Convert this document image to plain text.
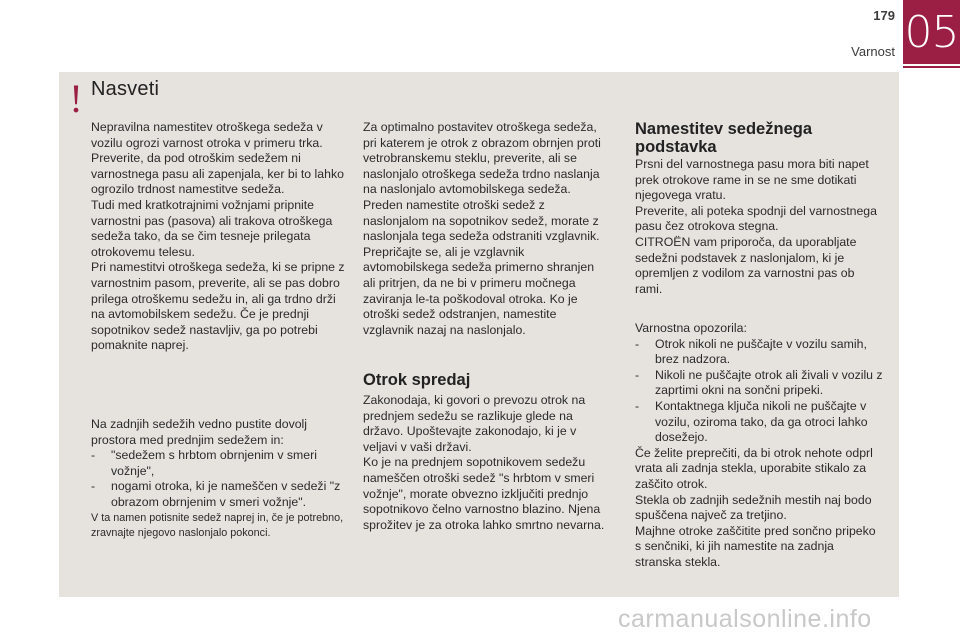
179
Varnost 05
! Nasveti

Nepravilna namestitev otroškega sedeža v vozilu ogrozi varnost otroka v primeru trka.

Preverite, da pod otroškim sedežem ni varnostnega pasu ali zapenjala, ker bi to lahko ogrozilo trdnost namestitve sedeža.

Tudi med kratkotrajnimi vožnjami pripnite varnostni pas (pasova) ali trakova otroškega sedeža tako, da se čim tesneje prilegata otrokovemu telesu.

Pri namestitvi otroškega sedeža, ki se pripne z varnostnim pasom, preverite, ali se pas dobro prilega otroškemu sedežu in, ali ga trdno drži na avtomobilskem sedežu. Če je prednji sopotnikov sedež nastavljiv, ga po potrebi pomaknite naprej.

Na zadnjih sedežih vedno pustite dovolj prostora med prednjim sedežem in:

- "sedežem s hrbtom obrnjenim v smeri vožnje",
- nogami otroka, ki je nameščen v sedeži "z obrazom obrnjenim v smeri vožnje".

V ta namen potisnite sedež naprej in, če je potrebno, zravnajte njegovo naslonjalo pokonci.

Za optimalno postavitev otroškega sedeža, pri katerem je otrok z obrazom obrnjen proti vetrobranskemu steklu, preverite, ali se naslonjalo otroškega sedeža trdno naslanja na naslonjalo avtomobilskega sedeža.

Preden namestite otroški sedež z naslonjalom na sopotnikov sedež, morate z naslonjala tega sedeža odstraniti vzglavnik. Prepričajte se, ali je vzglavnik avtomobilskega sedeža primerno shranjen ali pritrjen, da ne bi v primeru močnega zaviranja le-ta poškodoval otroka. Ko je otroški sedež odstranjen, namestite vzglavnik nazaj na naslonjalo.

Otrok spredaj

Zakonodaja, ki govori o prevozu otrok na prednjem sedežu se razlikuje glede na državo. Upoštevajte zakonodajo, ki je v veljavi v vaši državi.

Ko je na prednjem sopotnikovem sedežu nameščen otroški sedež "s hrbtom v smeri vožnje", morate obvezno izključiti prednjo sopotnikovo čelno varnostno blazino. Njena sprožitev je za otroka lahko smrtno nevarna.

Namestitev sedežnega podstavka

Prsni del varnostnega pasu mora biti napet prek otrokove rame in se ne sme dotikati njegovega vratu.

Preverite, ali poteka spodnji del varnostnega pasu čez otrokova stegna.

CITROËN vam priporoča, da uporabljate sedežni podstavek z naslonjalom, ki je opremljen z vodilom za varnostni pas ob rami.

Varnostna opozorila:

- Otrok nikoli ne puščajte v vozilu samih, brez nadzora.
- Nikoli ne puščajte otrok ali živali v vozilu z zaprtimi okni na sončni pripeki.
- Kontaktnega ključa nikoli ne puščajte v vozilu, oziroma tako, da ga otroci lahko dosežejo.

Če želite preprečiti, da bi otrok nehote odprl vrata ali zadnja stekla, uporabite stikalo za zaščito otrok.

Stekla ob zadnjih sedežnih mestih naj bodo spuščena največ za tretjino.

Majhne otroke zaščitite pred sončno pripeko s senčniki, ki jih namestite na zadnja stranska stekla.

carmanualsonline.info
